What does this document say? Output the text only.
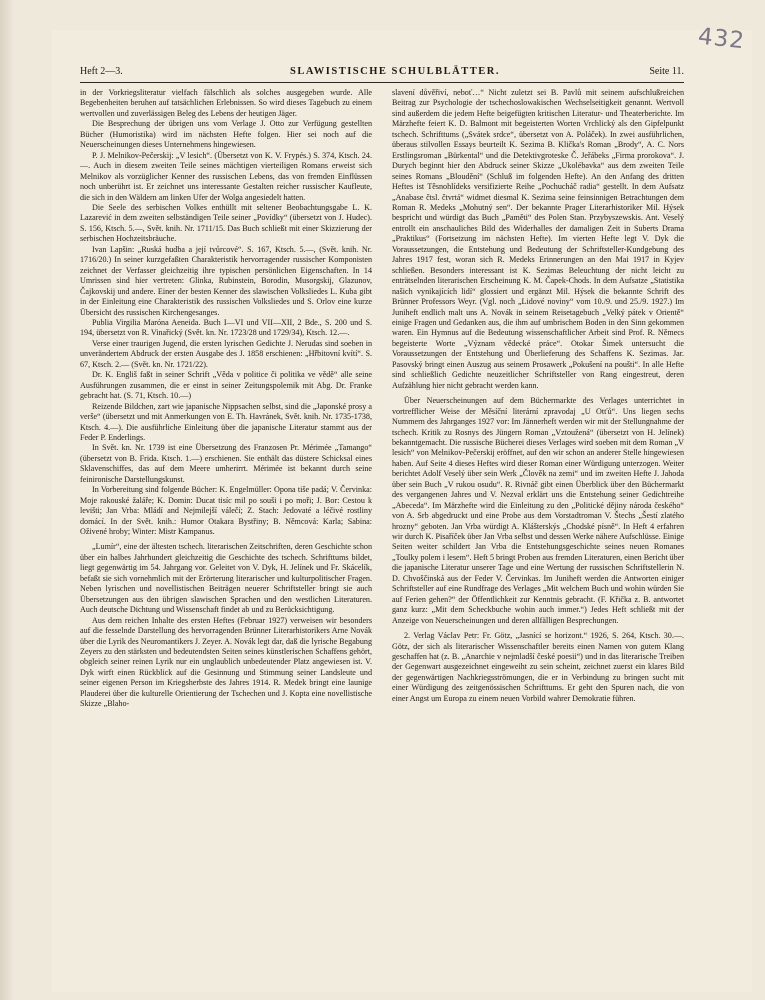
432
Heft 2—3.	SLAWISTISCHE SCHULBLÄTTER.	Seite 11.

in der Vorkriegsliteratur vielfach fälschlich als solches ausgegeben wurde. Alle Begebenheiten beruhen auf tatsächlichen Erlebnissen. So wird dieses Tagebuch zu einem wertvollen und zuverlässigen Beleg des Lebens der heutigen Jäger.

Die Besprechung der übrigen uns vom Verlage J. Otto zur Verfügung gestellten Bücher (Humoristika) wird im nächsten Hefte folgen. Hier sei noch auf die Neuerscheinungen dieses Unternehmens hingewiesen.

P. J. Melnikov-Pečerskij: „V lesich“. (Übersetzt von K. V. Frypés.) S. 374, Ktsch. 24.—. Auch in diesem zweiten Teile seines mächtigen vierteiligen Romans erweist sich Melnikov als vorzüglicher Kenner des russischen Lebens, das von fremden Einflüssen noch unberührt ist. Er zeichnet uns interessante Gestalten reicher russischer Kaufleute, die sich in den Wäldern am linken Ufer der Wolga angesiedelt hatten.

Die Seele des serbischen Volkes enthüllt mit seltener Beobachtungsgabe L. K. Lazarević in dem zweiten selbständigen Teile seiner „Povídky“ (übersetzt von J. Hudec). S. 156, Ktsch. 5.—, Svět. knih. Nr. 1711/15. Das Buch schließt mit einer Skizzierung der serbischen Hochzeitsbräuche.

Ivan Lapšin: „Ruská hudba a její tvůrcové“. S. 167, Ktsch. 5.—, (Svět. knih. Nr. 1716/20.) In seiner kurzgefaßten Charakteristik hervorragender russischer Komponisten zeichnet der Verfasser gleichzeitig ihre typischen persönlichen Eigenschaften. In 14 Umrissen sind hier vertreten: Glinka, Rubinstein, Borodin, Musorgskij, Glazunov, Čajkovskij und andere. Einer der besten Kenner des slawischen Volksliedes L. Kuba gibt in der Einleitung eine Charakteristik des russischen Volksliedes und S. Orlov eine kurze Übersicht des russischen Kirchengesanges.

Publia Virgilia Maróna Aeneida. Buch I—VI und VII—XII, 2 Bde., S. 200 und S. 194, übersetzt von R. Vinařický (Svět. kn. Nr. 1723/28 und 1729/34), Ktsch. 12.—.

Verse einer traurigen Jugend, die ersten lyrischen Gedichte J. Nerudas sind soeben in unverändertem Abdruck der ersten Ausgabe des J. 1858 erschienen: „Hřbitovní kvítí“. S. 67, Ktsch. 2.— (Svět. kn. Nr. 1721/22).

Dr. K. Engliš faßt in seiner Schrift „Věda v politice či politika ve vědě“ alle seine Ausführungen zusammen, die er einst in seiner Zeitungspolemik mit Abg. Dr. Franke gebracht hat. (S. 71, Ktsch. 10.—)

Reizende Bildchen, zart wie japanische Nippsachen selbst, sind die „Japonské prosy a verše“ (übersetzt und mit Anmerkungen von E. Th. Havránek, Svět. knih. Nr. 1735-1738, Ktsch. 4.—). Die ausführliche Einleitung über die japanische Literatur stammt aus der Feder P. Enderlings.

In Svět. kn. Nr. 1739 ist eine Übersetzung des Franzosen Pr. Mérimée „Tamango“ (übersetzt von B. Frida. Ktsch. 1.—) erschienen. Sie enthält das düstere Schicksal eines Sklavenschiffes, das auf dem Meere umherirrt. Mérimée ist bekannt durch seine feinironische Darstellungskunst.

In Vorbereitung sind folgende Bücher: K. Engelmüller: Opona tiše padá; V. Červinka: Moje rakouské žaláře; K. Domin: Ducat tisíc mil po souši i po moři; J. Bor: Cestou k levišti; Jan Vrba: Mládí and Nejmilejší válečí; Z. Stach: Jedovaté a léčivé rostliny domácí. In der Svět. knih.: Humor Otakara Bystřiny; B. Němcová: Karla; Sabina: Oživené hroby; Winter: Mistr Kampanus.

„Lumír“, eine der ältesten tschech. literarischen Zeitschriften, deren Geschichte schon über ein halbes Jahrhundert gleichzeitig die Geschichte des tschech. Schrifttums bildet, liegt gegenwärtig im 54. Jahrgang vor. Geleitet von V. Dyk, H. Jelínek und Fr. Skácelík, befaßt sie sich vornehmlich mit der Erörterung literarischer und kulturpolitischer Fragen. Neben lyrischen und novellistischen Beiträgen neuerer Schriftsteller bringt sie auch Übersetzungen aus den übrigen slawischen Sprachen und den westlichen Literaturen. Auch deutsche Dichtung und Wissenschaft findet ab und zu Berücksichtigung.

Aus dem reichen Inhalte des ersten Heftes (Februar 1927) verweisen wir besonders auf die fesselnde Darstellung des hervorragenden Brünner Literarhistorikers Arne Novák über die Lyrik des Neuromantikers J. Zeyer. A. Novák legt dar, daß die lyrische Begabung Zeyers zu den stärksten und bedeutendsten Seiten seines künstlerischen Schaffens gehört, obgleich seiner reinen Lyrik nur ein unglaublich unbedeutender Platz angewiesen ist. V. Dyk wirft einen Rückblick auf die Gesinnung und Stimmung seiner Landsleute und seiner eigenen Person im Kriegsherbste des Jahres 1914. R. Medek bringt eine launige Plauderei über die kulturelle Orientierung der Tschechen und J. Kopta eine novellistische Skizze „Blaho-

slavení důvěřiví, neboť…“ Nicht zuletzt sei B. Pavlů mit seinem aufschlußreichen Beitrag zur Psychologie der tschechoslowakischen Wechselseitigkeit genannt. Wertvoll sind außerdem die jedem Hefte beigefügten kritischen Literatur- und Theaterberichte. Im Märzhefte feiert K. D. Balmont mit begeisterten Worten Vrchlický als den Gipfelpunkt tschech. Schrifttums („Svátek srdce“, übersetzt von A. Poláček). In zwei ausführlichen, überaus stilvollen Essays beurteilt K. Sezima B. Klička's Roman „Brody“, A. C. Nors Erstlingsroman „Bürkental“ und die Detektivgroteske Č. Jeřábeks „Firma prorokova“. J. Durych beginnt hier den Abdruck seiner Skizze „Ukolébavka“ aus dem zweiten Teile seines Romans „Bloudění“ (Schluß im folgenden Hefte). An den Anfang des dritten Heftes ist Těsnohlídeks versifizierte Reihe „Pochucháč radia“ gestellt. In dem Aufsatz „Anabase čtsl. čtvrtá“ widmet diesmal K. Sezima seine feinsinnigen Betrachtungen dem Roman R. Medeks „Mohutný sen“. Der bekannte Prager Literarhistoriker Mil. Hýsek bespricht und würdigt das Buch „Paměti“ des Polen Stan. Przybyszewskis. Ant. Veselý entrollt ein anschauliches Bild des Widerhalles der damaligen Zeit in Suberts Drama „Praktikus“ (Fortsetzung im nächsten Hefte). Im vierten Hefte legt V. Dyk die Voraussetzungen, die Entstehung und Bedeutung der Schriftsteller-Kundgebung des Jahres 1917 fest, woran sich R. Medeks Erinnerungen an den Mai 1917 in Kyjev schließen. Besonders interessant ist K. Sezimas Beleuchtung der nicht leicht zu enträtselnden literarischen Erscheinung K. M. Čapek-Chods. In dem Aufsatze „Statistika našich vynikajících lidí“ glossiert und ergänzt Mil. Hýsek die bekannte Schrift des Brünner Professors Weyr. (Vgl. noch „Lidové noviny“ vom 10./9. und 25./9. 1927.) Im Juniheft endlich malt uns A. Novák in seinem Reisetagebuch „Velký pátek v Orientě“ einige Fragen und Gedanken aus, die ihm auf umbrischem Boden in den Sinn gekommen waren. Ein Hymnus auf die Bedeutung wissenschaftlicher Arbeit sind Prof. R. Němecs begeisterte Worte „Význam vědecké práce“. Otokar Šimek untersucht die Voraussetzungen der Entstehung und Überlieferung des Schaffens K. Sezimas. Jar. Pasovský bringt einen Auszug aus seinem Prosawerk „Pokušení na poušti“. In alle Hefte sind schließlich Gedichte neuzeitlicher Schriftsteller von Rang eingestreut, deren Aufzählung hier nicht gebracht werden kann.

Über Neuerscheinungen auf dem Büchermarkte des Verlages unterrichtet in vortrefflicher Weise der Měsíční literární zpravodaj „U Otťů“. Uns liegen sechs Nummern des Jahrganges 1927 vor: Im Jännerheft werden wir mit der Stellungnahme der tschech. Kritik zu Rosnys des Jüngern Roman „Vztoužená“ (übersetzt von H. Jelínek) bekanntgemacht. Die russische Bücherei dieses Verlages wird soeben mit dem Roman „V lesich“ von Melnikov-Pečerskij eröffnet, auf den wir schon an anderer Stelle hingewiesen haben. Auf Seite 4 dieses Heftes wird dieser Roman einer Würdigung unterzogen. Weiter berichtet Adolf Veselý über sein Werk „Člověk na zemi“ und im zweiten Hefte J. Jahoda über sein Buch „V rukou osudu“. R. Rivnáč gibt einen Überblick über den Büchermarkt des vergangenen Jahres und V. Nezval erklärt uns die Entstehung seiner Gedichtreihe „Abeceda“. Im Märzhefte wird die Einleitung zu den „Politické dějiny národa českého“ von A. Srb abgedruckt und eine Probe aus dem Vorstadtroman V. Štechs „Šestí zlatého hrozny“ geboten. Jan Vrba würdigt A. Klášterskýs „Chodské písně“. In Heft 4 erfahren wir durch K. Pisaříček über Jan Vrba selbst und dessen Werke nähere Aufschlüsse. Einige Seiten weiter schildert Jan Vrba die Entstehungsgeschichte seines neuen Romanes „Toulky polem i lesem“. Heft 5 bringt Proben aus fremden Literaturen, einen Bericht über die japanische Literatur unserer Tage und eine Wertung der russischen Schriftstellerin N. D. Chvoščinská aus der Feder V. Červinkas. Im Juniheft werden die Antworten einiger Schriftsteller auf eine Rundfrage des Verlages „Mit welchem Buch und wohin würden Sie auf Ferien gehen?“ der Öffentlichkeit zur Kenntnis gebracht. (F. Křička z. B. antwortet ganz kurz: „Mit dem Scheckbuche wohin auch immer.“) Jedes Heft schließt mit der Anzeige von Neuerscheinungen und deren allfälligen Besprechungen.

2. Verlag Václav Petr: Fr. Götz, „Jasnící se horizont.“ 1926, S. 264, Ktsch. 30.—. Götz, der sich als literarischer Wissenschaftler bereits einen Namen von gutem Klang geschaffen hat (z. B. „Anarchie v nejmladší české poesii“) und in das literarische Treiben der Gegenwart ausgezeichnet eingeweiht zu sein scheint, zeichnet zuerst ein klares Bild der gegenwärtigen Nachkriegsströmungen, die er in Verbindung zu bringen sucht mit einer Würdigung des zeitgenössischen Schrifttums. Er geht den Spuren nach, die von einer Angst um Europa zu einem neuen Vorbild wahrer Demokratie führen.
